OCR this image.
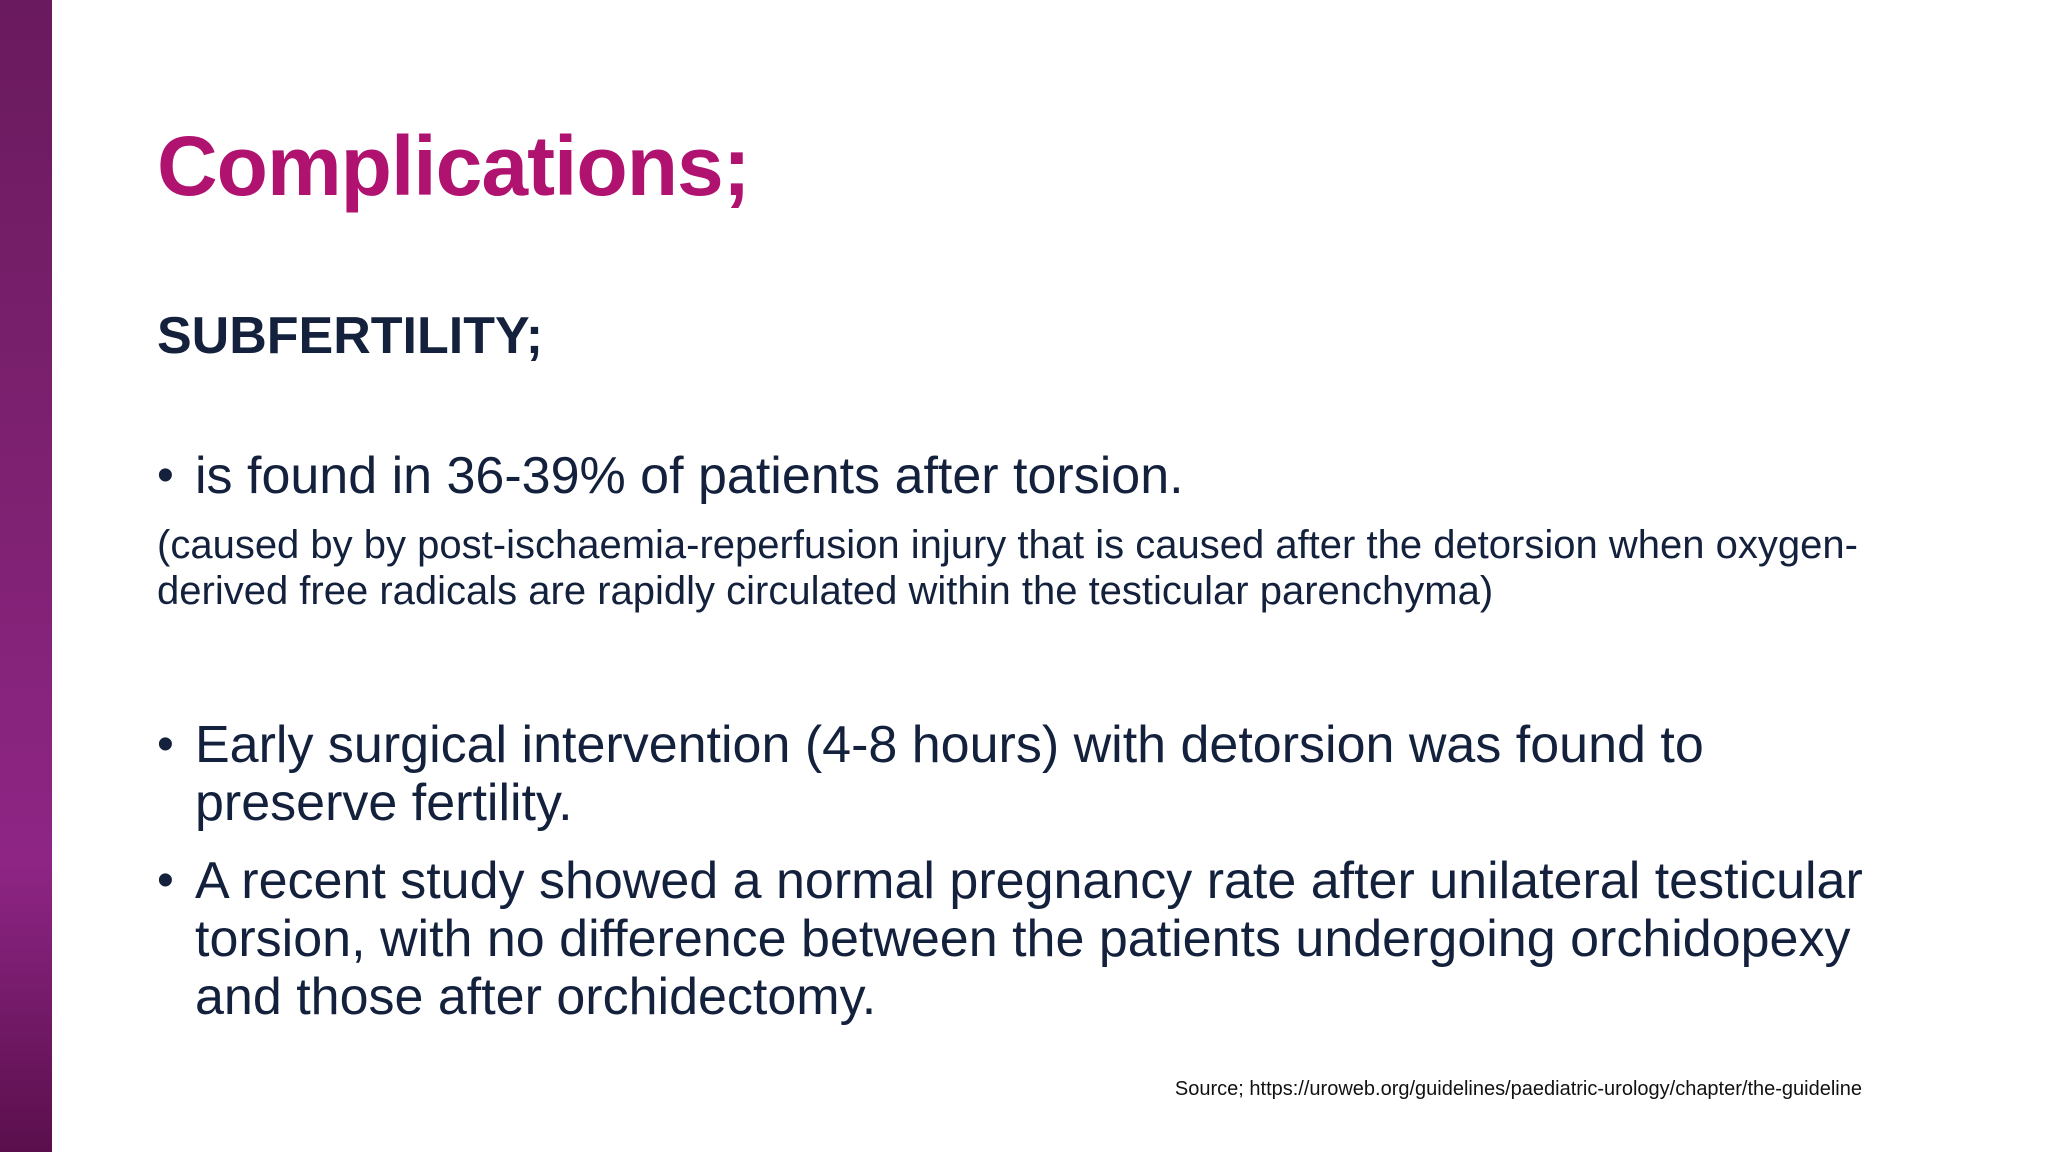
Complications;
SUBFERTILITY;
• is found in 36-39% of patients after torsion.

(caused by by post-ischaemia-reperfusion injury that is caused after the detorsion when oxygen-derived free radicals are rapidly circulated within the testicular parenchyma)

• Early surgical intervention (4-8 hours) with detorsion was found to preserve fertility.
• A recent study showed a normal pregnancy rate after unilateral testicular torsion, with no difference between the patients undergoing orchidopexy and those after orchidectomy.
Source; https://uroweb.org/guidelines/paediatric-urology/chapter/the-guideline
